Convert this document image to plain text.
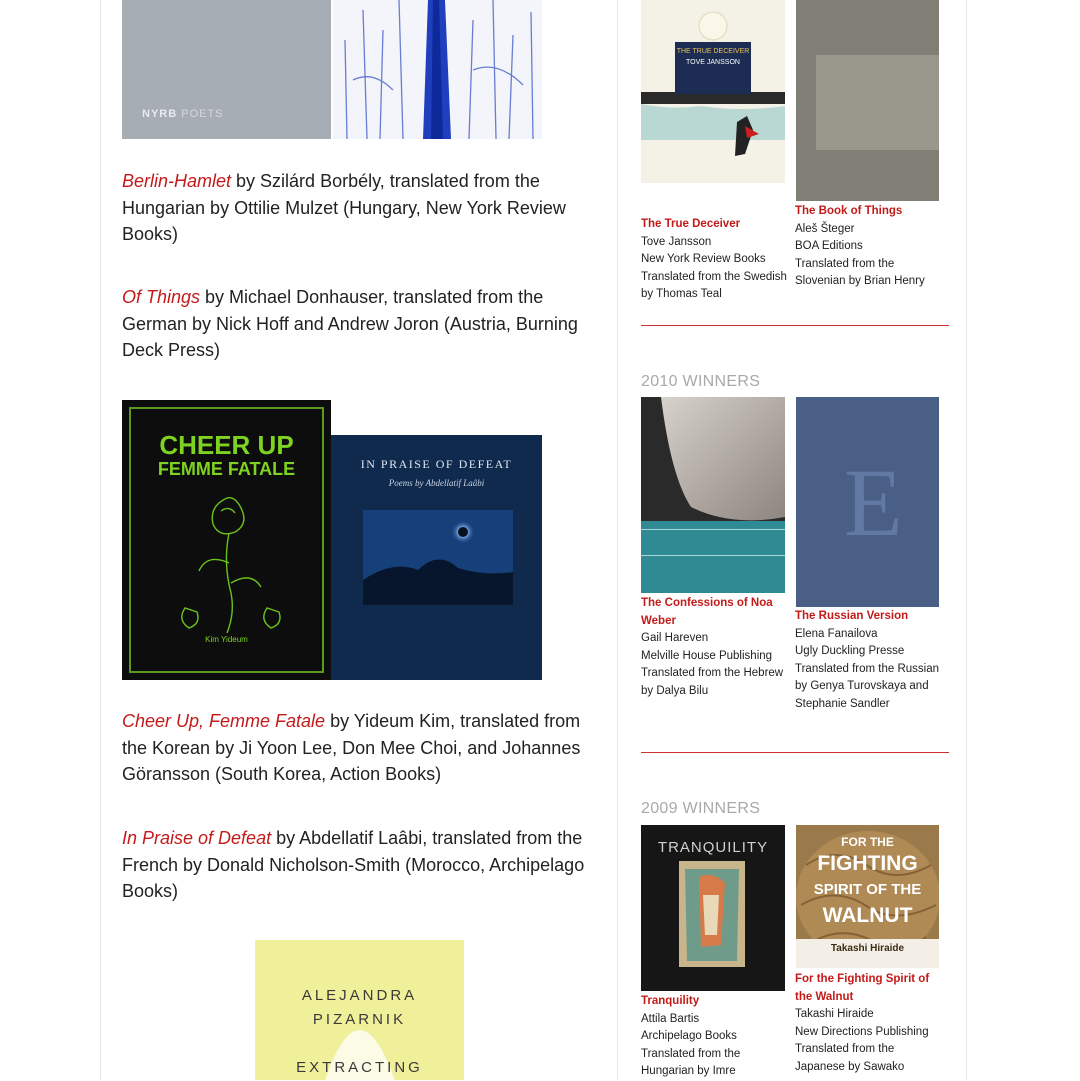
NYRB POETS

Berlin-Hamlet by Szilárd Borbély, translated from the Hungarian by Ottilie Mulzet (Hungary, New York Review Books)

Of Things by Michael Donhauser, translated from the German by Nick Hoff and Andrew Joron (Austria, Burning Deck Press)

CHEER UP
FEMME FATALE
Kim Yideum
IN PRAISE OF DEFEAT
Poems by Abdellatif Laâbi

Cheer Up, Femme Fatale by Yideum Kim, translated from the Korean by Ji Yoon Lee, Don Mee Choi, and Johannes Göransson (South Korea, Action Books)

In Praise of Defeat by Abdellatif Laâbi, translated from the French by Donald Nicholson-Smith (Morocco, Archipelago Books)

ALEJANDRA
PIZARNIK
EXTRACTING
THE TRUE DECEIVER
TOVE JANSSON
The True Deceiver
Tove Jansson
New York Review Books
Translated from the Swedish by Thomas Teal
The Book of Things
Aleš Šteger
BOA Editions
Translated from the Slovenian by Brian Henry
2010 WINNERS
E
The Confessions of Noa Weber
Gail Hareven
Melville House Publishing
Translated from the Hebrew by Dalya Bilu
The Russian Version
Elena Fanailova
Ugly Duckling Presse
Translated from the Russian by Genya Turovskaya and Stephanie Sandler
2009 WINNERS
TRANQUILITY	FOR THE
FIGHTING
SPIRIT OF THE
WALNUT
Takashi Hiraide
Tranquility
Attila Bartis
Archipelago Books
Translated from the Hungarian by Imre
For the Fighting Spirit of the Walnut
Takashi Hiraide
New Directions Publishing
Translated from the Japanese by Sawako
